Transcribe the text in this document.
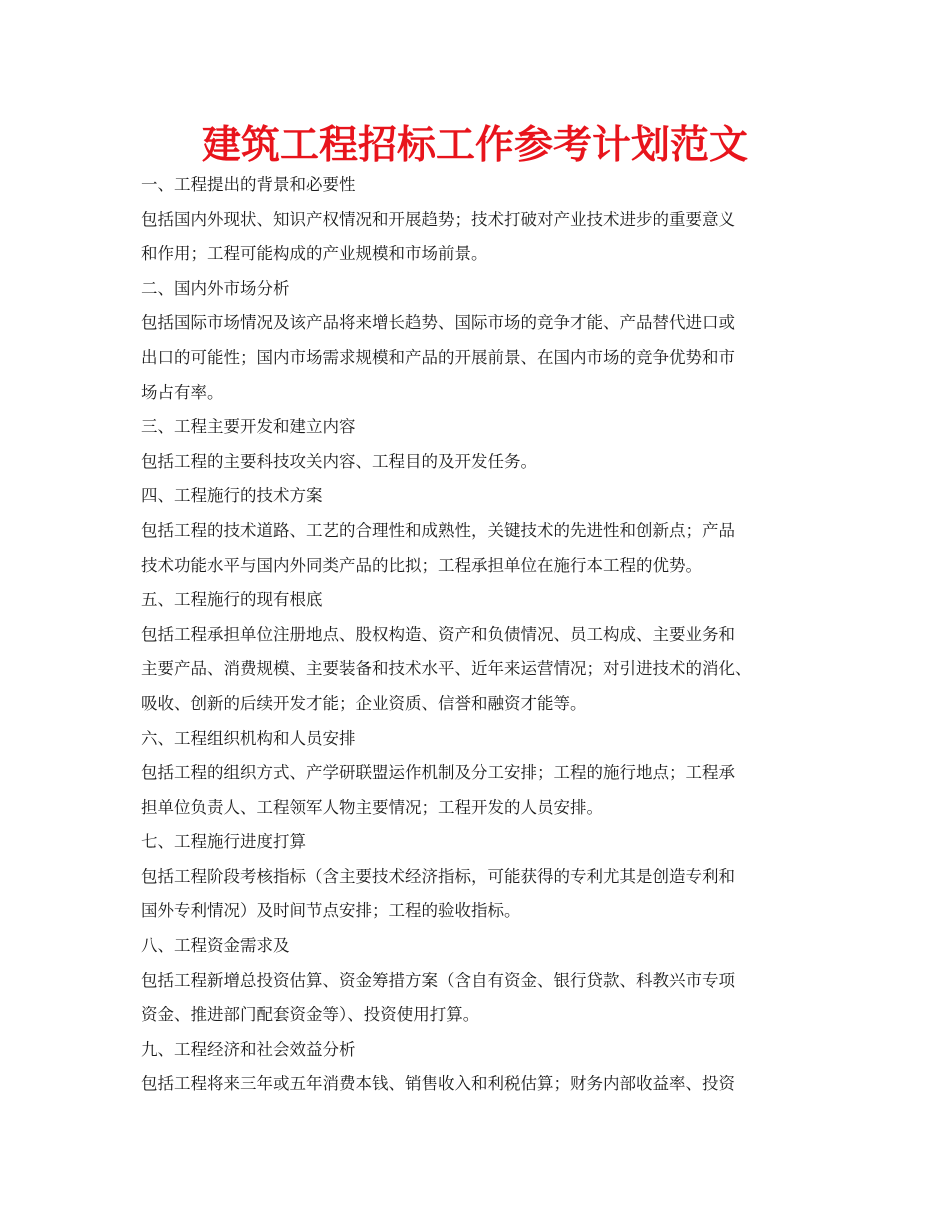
建筑工程招标工作参考计划范文
一、工程提出的背景和必要性
包括国内外现状、知识产权情况和开展趋势；技术打破对产业技术进步的重要意义
和作用；工程可能构成的产业规模和市场前景。
二、国内外市场分析
包括国际市场情况及该产品将来增长趋势、国际市场的竞争才能、产品替代进口或
出口的可能性；国内市场需求规模和产品的开展前景、在国内市场的竞争优势和市
场占有率。
三、工程主要开发和建立内容
包括工程的主要科技攻关内容、工程目的及开发任务。
四、工程施行的技术方案
包括工程的技术道路、工艺的合理性和成熟性，关键技术的先进性和创新点；产品
技术功能水平与国内外同类产品的比拟；工程承担单位在施行本工程的优势。
五、工程施行的现有根底
包括工程承担单位注册地点、股权构造、资产和负债情况、员工构成、主要业务和
主要产品、消费规模、主要装备和技术水平、近年来运营情况；对引进技术的消化、
吸收、创新的后续开发才能；企业资质、信誉和融资才能等。
六、工程组织机构和人员安排
包括工程的组织方式、产学研联盟运作机制及分工安排；工程的施行地点；工程承
担单位负责人、工程领军人物主要情况；工程开发的人员安排。
七、工程施行进度打算
包括工程阶段考核指标（含主要技术经济指标，可能获得的专利尤其是创造专利和
国外专利情况）及时间节点安排；工程的验收指标。
八、工程资金需求及
包括工程新增总投资估算、资金筹措方案（含自有资金、银行贷款、科教兴市专项
资金、推进部门配套资金等）、投资使用打算。
九、工程经济和社会效益分析
包括工程将来三年或五年消费本钱、销售收入和利税估算；财务内部收益率、投资
